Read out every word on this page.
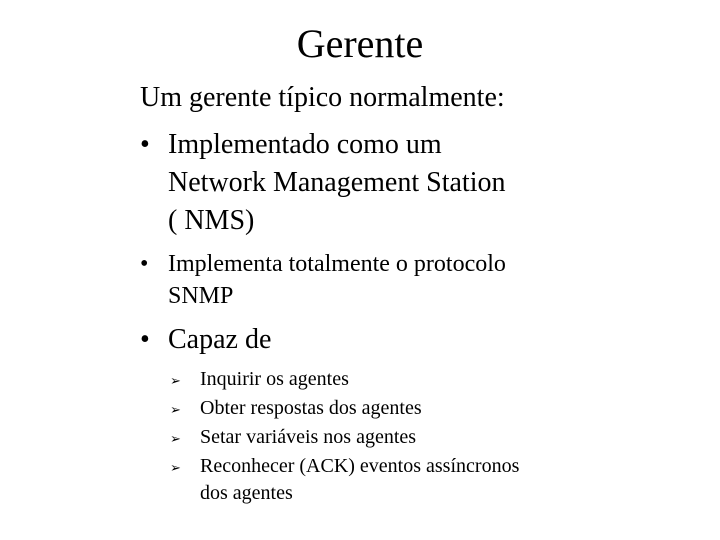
Gerente
Um gerente típico normalmente:
• Implementado como um
Network Management Station
( NMS)
• Implementa totalmente o protocolo
SNMP
• Capaz de
➢ Inquirir os agentes
➢ Obter respostas dos agentes
➢ Setar variáveis nos agentes
➢ Reconhecer (ACK) eventos assíncronos
dos agentes
